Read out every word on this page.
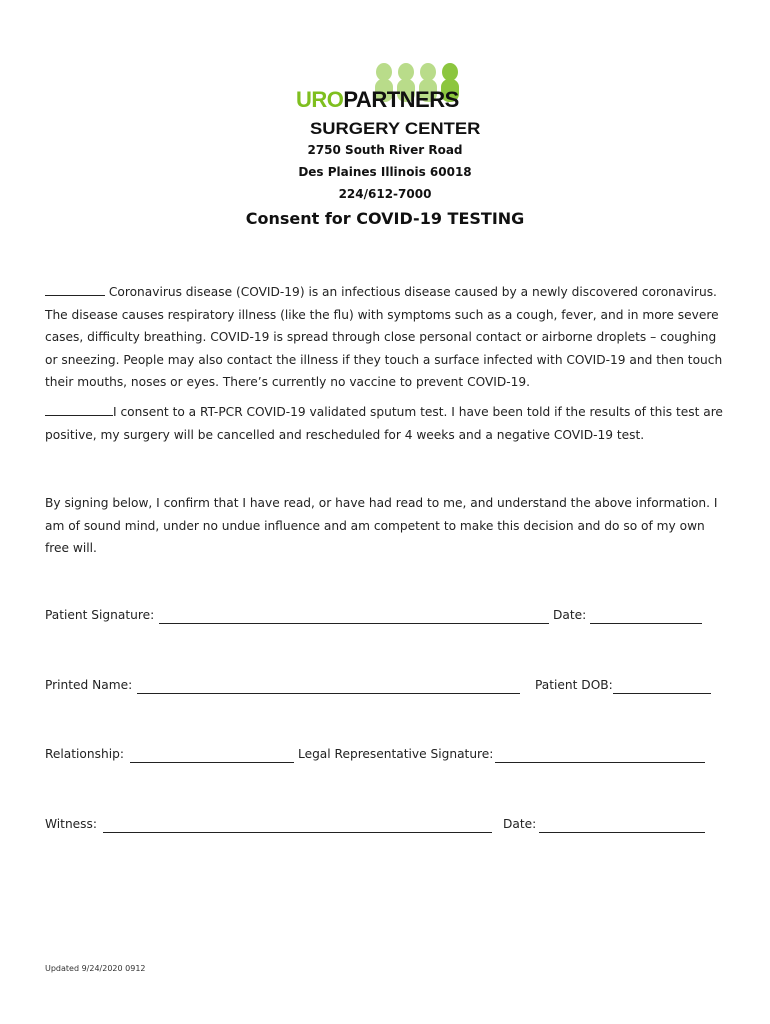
UROPARTNERS
SURGERY CENTER
2750 South River Road
Des Plaines Illinois 60018
224/612-7000
Consent for COVID-19 TESTING
Coronavirus disease (COVID-19) is an infectious disease caused by a newly discovered coronavirus.
The disease causes respiratory illness (like the flu) with symptoms such as a cough, fever, and in more severe
cases, difficulty breathing. COVID-19 is spread through close personal contact or airborne droplets – coughing
or sneezing. People may also contact the illness if they touch a surface infected with COVID-19 and then touch
their mouths, noses or eyes. There’s currently no vaccine to prevent COVID-19.
I consent to a RT-PCR COVID-19 validated sputum test. I have been told if the results of this test are
positive, my surgery will be cancelled and rescheduled for 4 weeks and a negative COVID-19 test.
By signing below, I confirm that I have read, or have had read to me, and understand the above information. I
am of sound mind, under no undue influence and am competent to make this decision and do so of my own
free will.
Patient Signature:	Date:
Printed Name:	Patient DOB:
Relationship:	Legal Representative Signature:
Witness:	Date:
Updated 9/24/2020 0912
